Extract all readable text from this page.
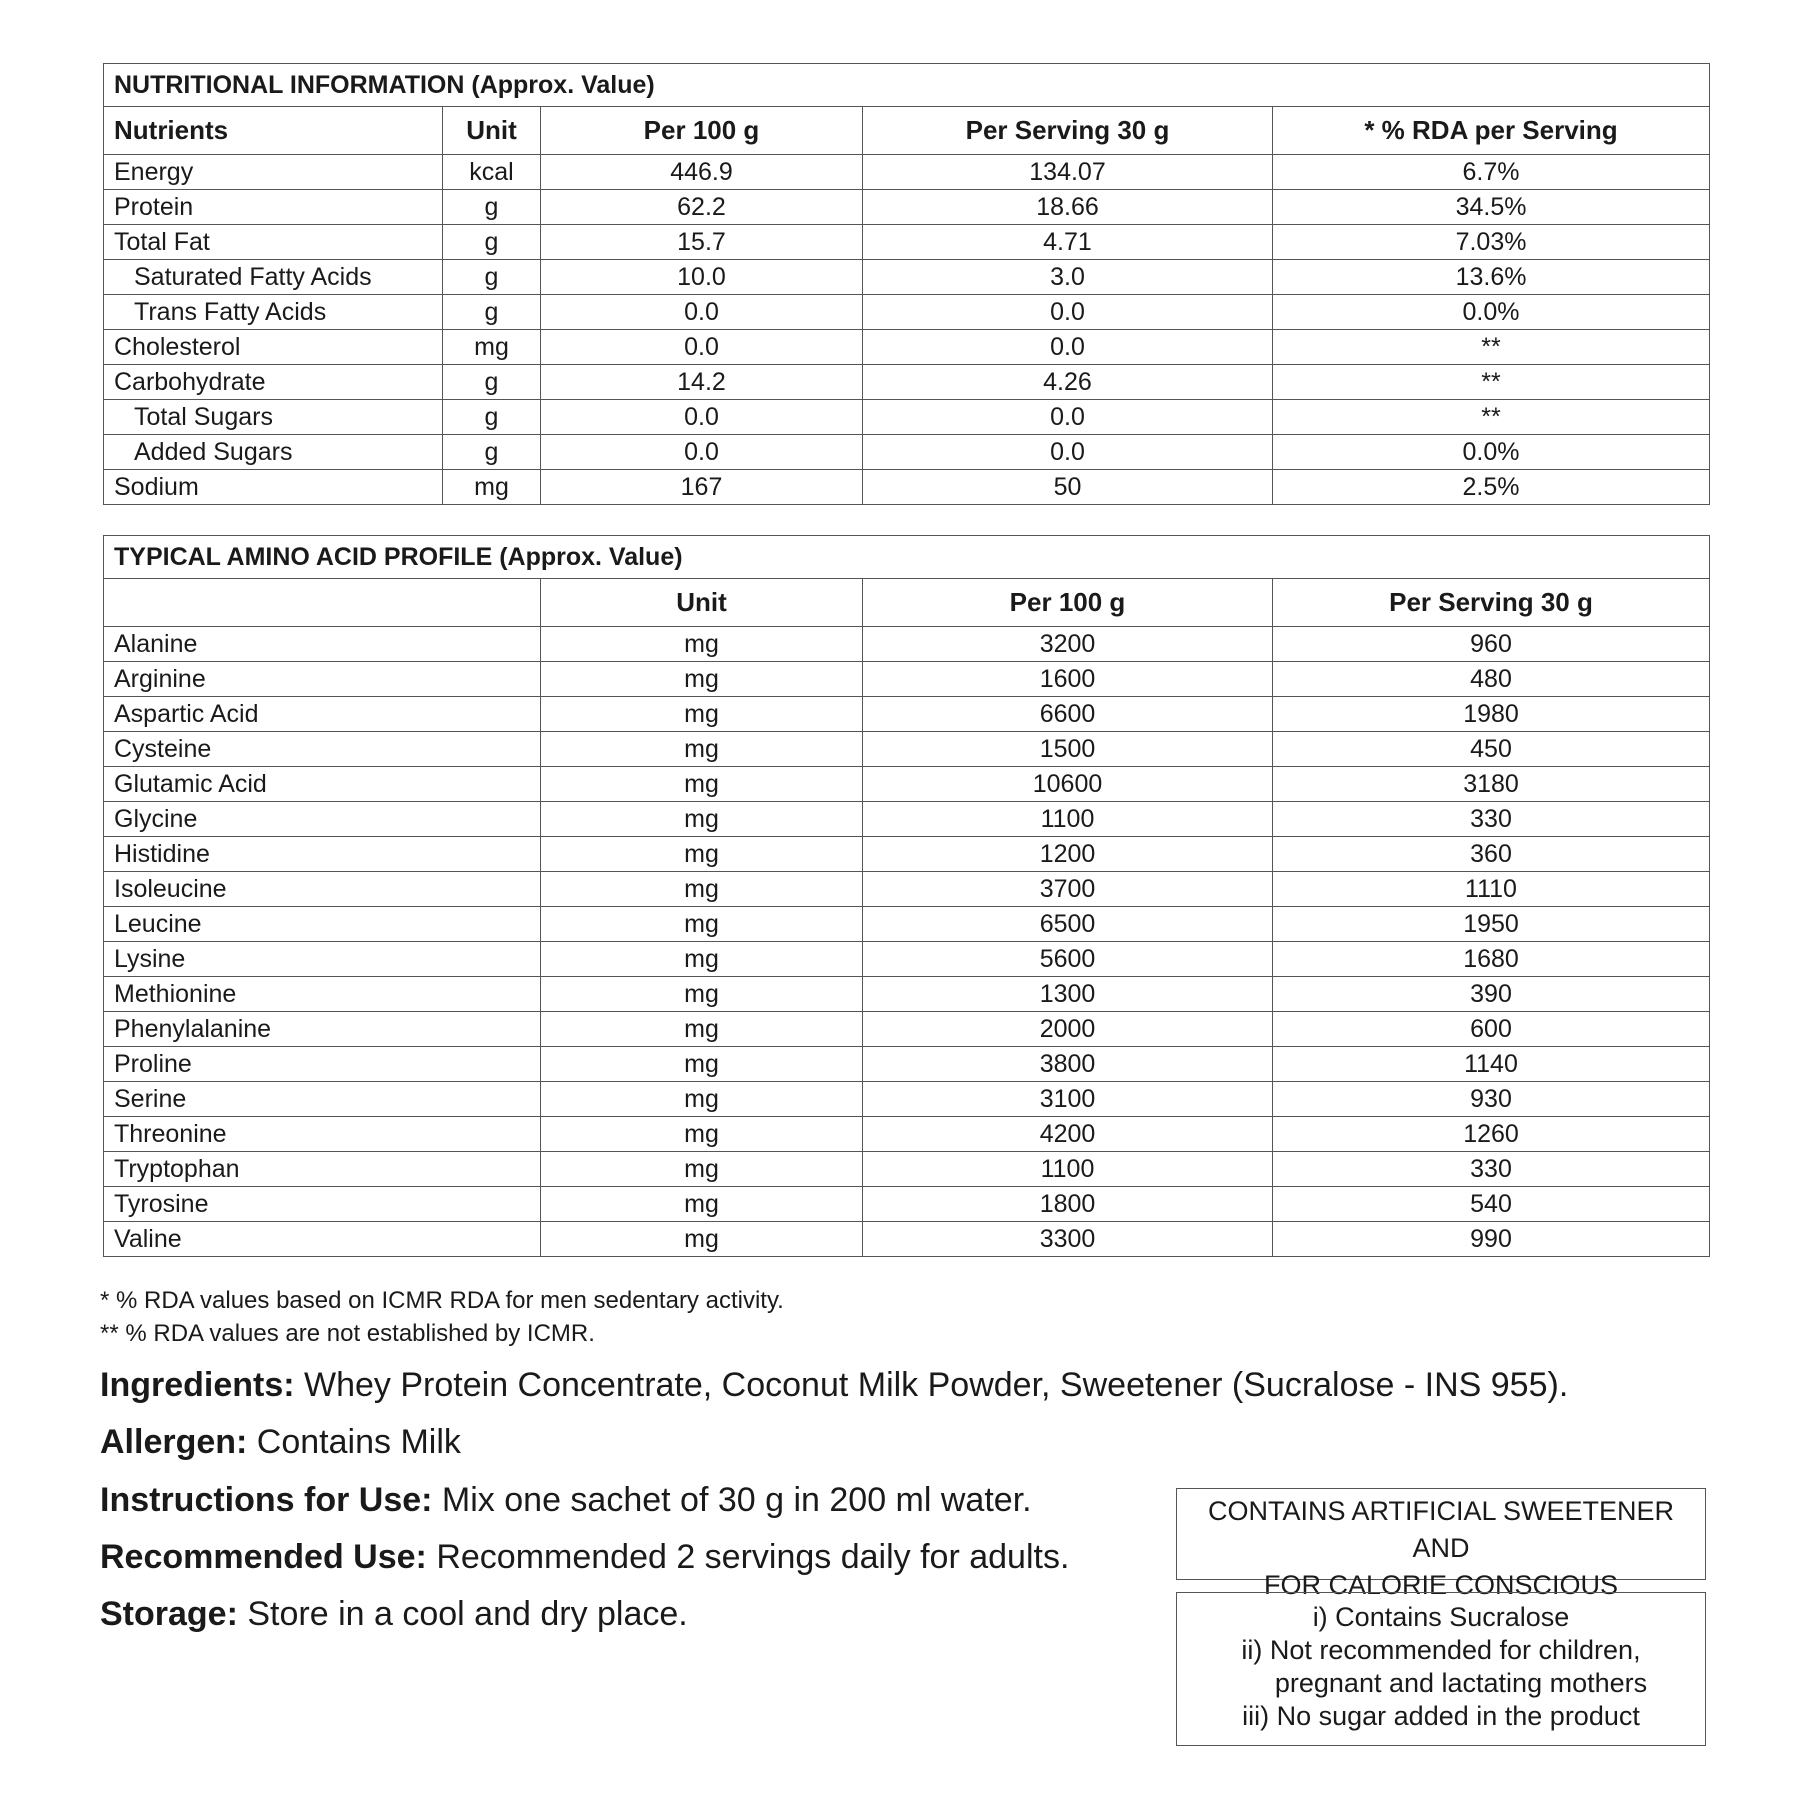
NUTRITIONAL INFORMATION (Approx. Value)				
Nutrients	Unit	Per 100 g	Per Serving 30 g	* % RDA per Serving
Energy	kcal	446.9	134.07	6.7%
Protein	g	62.2	18.66	34.5%
Total Fat	g	15.7	4.71	7.03%
Saturated Fatty Acids	g	10.0	3.0	13.6%
Trans Fatty Acids	g	0.0	0.0	0.0%
Cholesterol	mg	0.0	0.0	**
Carbohydrate	g	14.2	4.26	**
Total Sugars	g	0.0	0.0	**
Added Sugars	g	0.0	0.0	0.0%
Sodium	mg	167	50	2.5%
TYPICAL AMINO ACID PROFILE (Approx. Value)			
	Unit	Per 100 g	Per Serving 30 g
Alanine	mg	3200	960
Arginine	mg	1600	480
Aspartic Acid	mg	6600	1980
Cysteine	mg	1500	450
Glutamic Acid	mg	10600	3180
Glycine	mg	1100	330
Histidine	mg	1200	360
Isoleucine	mg	3700	1110
Leucine	mg	6500	1950
Lysine	mg	5600	1680
Methionine	mg	1300	390
Phenylalanine	mg	2000	600
Proline	mg	3800	1140
Serine	mg	3100	930
Threonine	mg	4200	1260
Tryptophan	mg	1100	330
Tyrosine	mg	1800	540
Valine	mg	3300	990
* % RDA values based on ICMR RDA for men sedentary activity.
** % RDA values are not established by ICMR.
Ingredients: Whey Protein Concentrate, Coconut Milk Powder, Sweetener (Sucralose - INS 955).
Allergen: Contains Milk
Instructions for Use: Mix one sachet of 30 g in 200 ml water.
Recommended Use: Recommended 2 servings daily for adults.
Storage: Store in a cool and dry place.
CONTAINS ARTIFICIAL SWEETENER AND
FOR CALORIE CONSCIOUS
i) Contains Sucralose
ii) Not recommended for children,
pregnant and lactating mothers
iii) No sugar added in the product
